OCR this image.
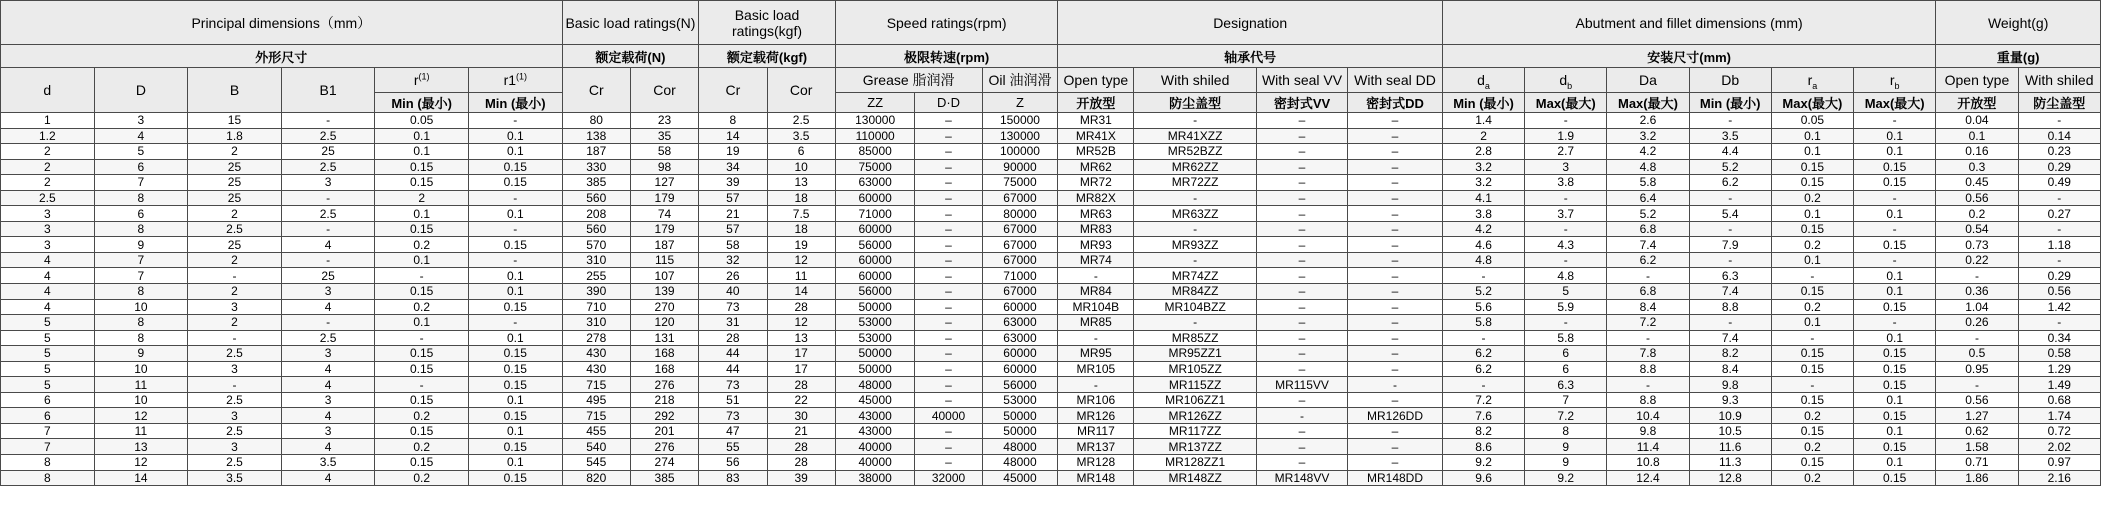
Principal dimensions（mm）						Basic load ratings(N)		Basic load
ratings(kgf)		Speed ratings(rpm)			Designation				Abutment and fillet dimensions (mm)						Weight(g)	
外形尺寸						额定载荷(N)		额定载荷(kgf)		极限转速(rpm)			轴承代号				安装尺寸(mm)						重量(g)	
d	D	B	B1	$r^{(1)}$	r1$^{(1)}$	Cr	Cor	Cr	Cor	Grease 脂润滑		Oil 油润滑	Open type	With shiled	With seal VV	With seal DD	$d_a$	$d_b$	Da	Db	$r_a$	$r_b$	Open type	With shiled
				Min (最小)	Min (最小)					ZZ	D·D	Z	开放型	防尘盖型	密封式VV	密封式DD	Min (最小)	Max(最大)	Max(最大)	Min (最小)	Max(最大)	Max(最大)	开放型	防尘盖型
1	3	15	-	0.05	-	80	23	8	2.5	130000	–	150000	MR31	-	–	–	1.4	-	2.6	-	0.05	-	0.04	-
1.2	4	1.8	2.5	0.1	0.1	138	35	14	3.5	110000	–	130000	MR41X	MR41XZZ	–	–	2	1.9	3.2	3.5	0.1	0.1	0.1	0.14
2	5	2	25	0.1	0.1	187	58	19	6	85000	–	100000	MR52B	MR52BZZ	–	–	2.8	2.7	4.2	4.4	0.1	0.1	0.16	0.23
2	6	25	2.5	0.15	0.15	330	98	34	10	75000	–	90000	MR62	MR62ZZ	–	–	3.2	3	4.8	5.2	0.15	0.15	0.3	0.29
2	7	25	3	0.15	0.15	385	127	39	13	63000	–	75000	MR72	MR72ZZ	–	–	3.2	3.8	5.8	6.2	0.15	0.15	0.45	0.49
2.5	8	25	-	2	-	560	179	57	18	60000	–	67000	MR82X	-	–	–	4.1	-	6.4	-	0.2	-	0.56	-
3	6	2	2.5	0.1	0.1	208	74	21	7.5	71000	–	80000	MR63	MR63ZZ	–	–	3.8	3.7	5.2	5.4	0.1	0.1	0.2	0.27
3	8	2.5	-	0.15	-	560	179	57	18	60000	–	67000	MR83	-	–	–	4.2	-	6.8	-	0.15	-	0.54	-
3	9	25	4	0.2	0.15	570	187	58	19	56000	–	67000	MR93	MR93ZZ	–	–	4.6	4.3	7.4	7.9	0.2	0.15	0.73	1.18
4	7	2	-	0.1	-	310	115	32	12	60000	–	67000	MR74	-	–	–	4.8	-	6.2	-	0.1	-	0.22	-
4	7	-	25	-	0.1	255	107	26	11	60000	–	71000	-	MR74ZZ	–	–	-	4.8	-	6.3	-	0.1	-	0.29
4	8	2	3	0.15	0.1	390	139	40	14	56000	–	67000	MR84	MR84ZZ	–	–	5.2	5	6.8	7.4	0.15	0.1	0.36	0.56
4	10	3	4	0.2	0.15	710	270	73	28	50000	–	60000	MR104B	MR104BZZ	–	–	5.6	5.9	8.4	8.8	0.2	0.15	1.04	1.42
5	8	2	-	0.1	-	310	120	31	12	53000	–	63000	MR85	-	–	–	5.8	-	7.2	-	0.1	-	0.26	-
5	8	-	2.5	-	0.1	278	131	28	13	53000	–	63000	-	MR85ZZ	–	–	-	5.8	-	7.4	-	0.1	-	0.34
5	9	2.5	3	0.15	0.15	430	168	44	17	50000	–	60000	MR95	MR95ZZ1	–	–	6.2	6	7.8	8.2	0.15	0.15	0.5	0.58
5	10	3	4	0.15	0.15	430	168	44	17	50000	–	60000	MR105	MR105ZZ	–	–	6.2	6	8.8	8.4	0.15	0.15	0.95	1.29
5	11	-	4	-	0.15	715	276	73	28	48000	–	56000	-	MR115ZZ	MR115VV	-	-	6.3	-	9.8	-	0.15	-	1.49
6	10	2.5	3	0.15	0.1	495	218	51	22	45000	–	53000	MR106	MR106ZZ1	–	–	7.2	7	8.8	9.3	0.15	0.1	0.56	0.68
6	12	3	4	0.2	0.15	715	292	73	30	43000	40000	50000	MR126	MR126ZZ	-	MR126DD	7.6	7.2	10.4	10.9	0.2	0.15	1.27	1.74
7	11	2.5	3	0.15	0.1	455	201	47	21	43000	–	50000	MR117	MR117ZZ	–	–	8.2	8	9.8	10.5	0.15	0.1	0.62	0.72
7	13	3	4	0.2	0.15	540	276	55	28	40000	–	48000	MR137	MR137ZZ	–	–	8.6	9	11.4	11.6	0.2	0.15	1.58	2.02
8	12	2.5	3.5	0.15	0.1	545	274	56	28	40000	–	48000	MR128	MR128ZZ1	–	–	9.2	9	10.8	11.3	0.15	0.1	0.71	0.97
8	14	3.5	4	0.2	0.15	820	385	83	39	38000	32000	45000	MR148	MR148ZZ	MR148VV	MR148DD	9.6	9.2	12.4	12.8	0.2	0.15	1.86	2.16
